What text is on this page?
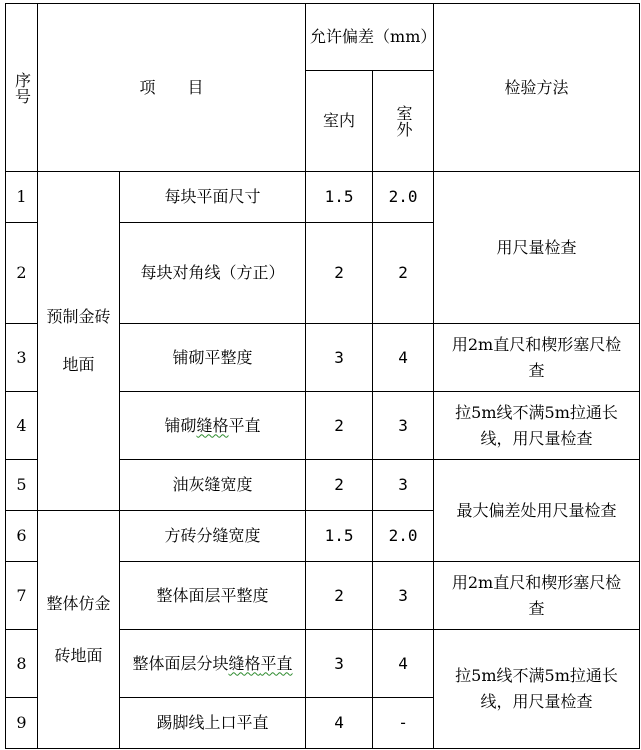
序号	项　　目		允许偏差（mm）		检验方法
			室内	室外	
1	预制金砖地面	每块平面尺寸	1.5	2.0	用尺量检查
2		每块对角线（方正）	2	2	
3		铺砌平整度	3	4	用2m直尺和楔形塞尺检查
4		铺砌缝格平直	2	3	拉5m线不满5m拉通长线，用尺量检查
5		油灰缝宽度	2	3	最大偏差处用尺量检查
6	整体仿金砖地面	方砖分缝宽度	1.5	2.0	
7		整体面层平整度	2	3	用2m直尺和楔形塞尺检查
8		整体面层分块缝格平直	3	4	拉5m线不满5m拉通长线，用尺量检查
9		踢脚线上口平直	4	-	
